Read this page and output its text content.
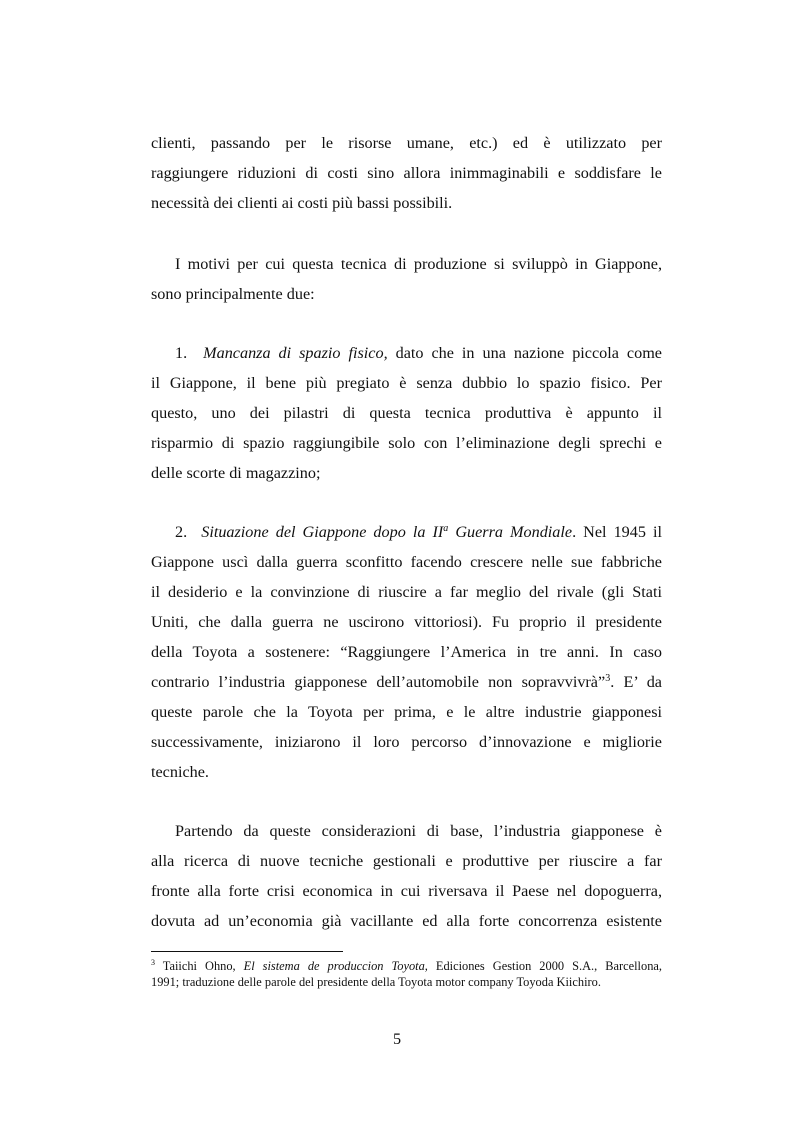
clienti, passando per le risorse umane, etc.) ed è utilizzato per
raggiungere riduzioni di costi sino allora inimmaginabili e soddisfare le
necessità dei clienti ai costi più bassi possibili.

I motivi per cui questa tecnica di produzione si sviluppò in Giappone,
sono principalmente due:

1. Mancanza di spazio fisico, dato che in una nazione piccola come
il Giappone, il bene più pregiato è senza dubbio lo spazio fisico. Per
questo, uno dei pilastri di questa tecnica produttiva è appunto il
risparmio di spazio raggiungibile solo con l’eliminazione degli sprechi e
delle scorte di magazzino;

2. Situazione del Giappone dopo la $II^a$ Guerra Mondiale. Nel 1945 il
Giappone uscì dalla guerra sconfitto facendo crescere nelle sue fabbriche
il desiderio e la convinzione di riuscire a far meglio del rivale (gli Stati
Uniti, che dalla guerra ne uscirono vittoriosi). Fu proprio il presidente
della Toyota a sostenere: “Raggiungere l’America in tre anni. In caso
contrario l’industria giapponese dell’automobile non sopravvivrà”$^3$. E’ da
queste parole che la Toyota per prima, e le altre industrie giapponesi
successivamente, iniziarono il loro percorso d’innovazione e migliorie
tecniche.

Partendo da queste considerazioni di base, l’industria giapponese è
alla ricerca di nuove tecniche gestionali e produttive per riuscire a far
fronte alla forte crisi economica in cui riversava il Paese nel dopoguerra,
dovuta ad un’economia già vacillante ed alla forte concorrenza esistente

$^3$ Taiichi Ohno, El sistema de produccion Toyota, Ediciones Gestion 2000 S.A., Barcellona,
1991; traduzione delle parole del presidente della Toyota motor company Toyoda Kiichiro.

5
